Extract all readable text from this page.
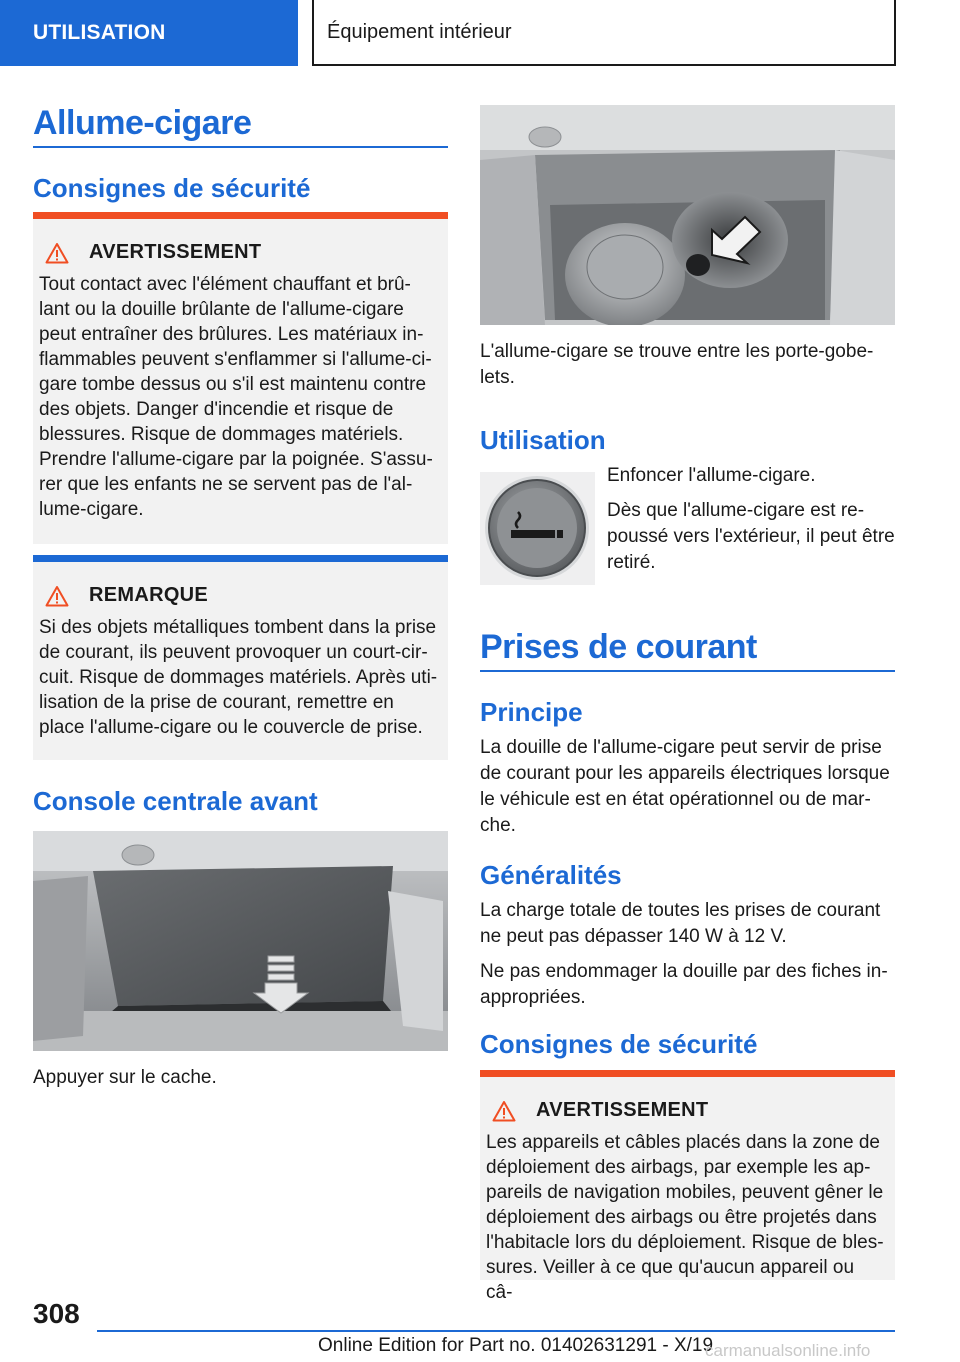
UTILISATION	Équipement intérieur
Allume-cigare
Consignes de sécurité
AVERTISSEMENT
Tout contact avec l'élément chauffant et brû-
lant ou la douille brûlante de l'allume-cigare
peut entraîner des brûlures. Les matériaux in-
flammables peuvent s'enflammer si l'allume-ci-
gare tombe dessus ou s'il est maintenu contre
des objets. Danger d'incendie et risque de
blessures. Risque de dommages matériels.
Prendre l'allume-cigare par la poignée. S'assu-
rer que les enfants ne se servent pas de l'al-
lume-cigare.
REMARQUE
Si des objets métalliques tombent dans la prise
de courant, ils peuvent provoquer un court-cir-
cuit. Risque de dommages matériels. Après uti-
lisation de la prise de courant, remettre en
place l'allume-cigare ou le couvercle de prise.
Console centrale avant
Appuyer sur le cache.
L'allume-cigare se trouve entre les porte-gobe-
lets.
Utilisation
Enfoncer l'allume-cigare.
Dès que l'allume-cigare est re-
poussé vers l'extérieur, il peut être
retiré.
Prises de courant
Principe
La douille de l'allume-cigare peut servir de prise
de courant pour les appareils électriques lorsque
le véhicule est en état opérationnel ou de mar-
che.
Généralités
La charge totale de toutes les prises de courant
ne peut pas dépasser 140 W à 12 V.
Ne pas endommager la douille par des fiches in-
appropriées.
Consignes de sécurité
AVERTISSEMENT
Les appareils et câbles placés dans la zone de
déploiement des airbags, par exemple les ap-
pareils de navigation mobiles, peuvent gêner le
déploiement des airbags ou être projetés dans
l'habitacle lors du déploiement. Risque de bles-
sures. Veiller à ce que qu'aucun appareil ou câ-
308
Online Edition for Part no. 01402631291 - X/19
carmanualsonline.info
